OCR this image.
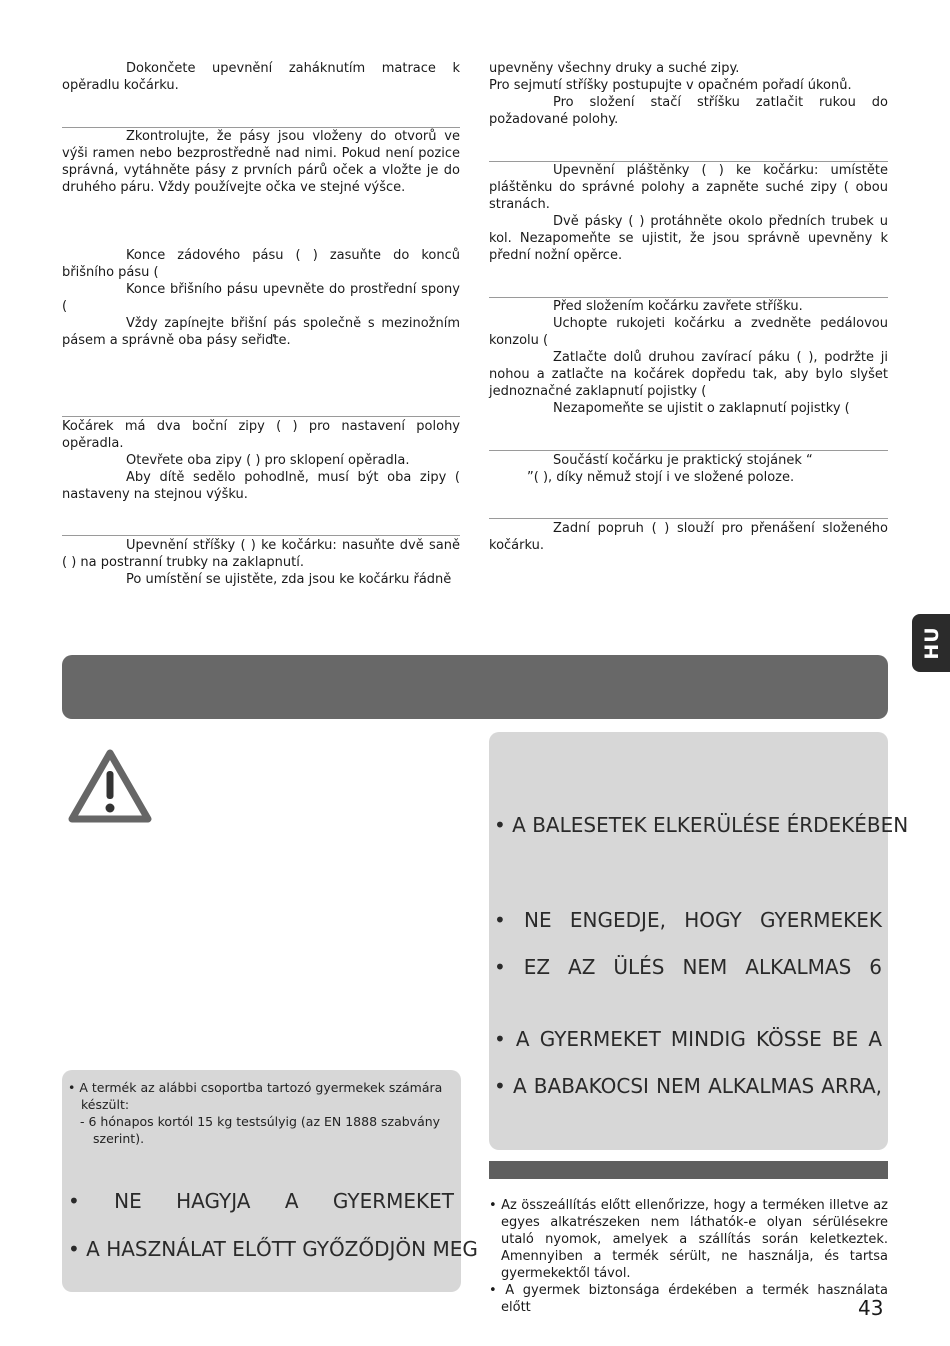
Dokončete upevnění zaháknutím matrace k opěradlu kočárku.

Zkontrolujte, že pásy jsou vloženy do otvorů ve výši ramen nebo bezprostředně nad nimi. Pokud není pozice správná, vytáhněte pásy z prvních párů oček a vložte je do druhého páru. Vždy používejte očka ve stejné výšce.

Konce zádového pásu ( ) zasuňte do konců břišního pásu (

Konce břišního pásu upevněte do prostřední spony (

Vždy zapínejte břišní pás společně s mezinožním pásem a správně oba pásy seřiďte.

Kočárek má dva boční zipy ( ) pro nastavení polohy opěradla.

Otevřete oba zipy ( ) pro sklopení opěradla.

Aby dítě sedělo pohodlně, musí být oba zipy ( nastaveny na stejnou výšku.

Upevnění stříšky ( ) ke kočárku: nasuňte dvě saně ( ) na postranní trubky na zaklapnutí.

Po umístění se ujistěte, zda jsou ke kočárku řádně

upevněny všechny druky a suché zipy.

Pro sejmutí stříšky postupujte v opačném pořadí úkonů.

Pro složení stačí stříšku zatlačit rukou do požadované polohy.

Upevnění pláštěnky ( ) ke kočárku: umístěte pláštěnku do správné polohy a zapněte suché zipy ( obou stranách.

Dvě pásky ( ) protáhněte okolo předních trubek u kol. Nezapomeňte se ujistit, že jsou správně upevněny k přední nožní opěrce.

Před složením kočárku zavřete stříšku.

Uchopte rukojeti kočárku a zvedněte pedálovou konzolu (

Zatlačte dolů druhou zavírací páku ( ), podržte ji nohou a zatlačte na kočárek dopředu tak, aby bylo slyšet jednoznačné zaklapnutí pojistky (

Nezapomeňte se ujistit o zaklapnutí pojistky (

Součástí kočárku je praktický stojánek “

”( ), díky němuž stojí i ve složené poloze.

Zadní popruh ( ) slouží pro přenášení složeného kočárku.

HU
• A BALESETEK ELKERÜLÉSE ÉRDEKÉBEN
• NE ENGEDJE, HOGY GYERMEKEK
• EZ AZ ÜLÉS NEM ALKALMAS 6
• A GYERMEKET MINDIG KÖSSE BE A
• A BABAKOCSI NEM ALKALMAS ARRA,
• A termék az alábbi csoportba tartozó gyermekek számára készült:
- 6 hónapos kortól 15 kg testsúlyig (az EN 1888 szabvány szerint).
• NE HAGYJA A GYERMEKET
• A HASZNÁLAT ELŐTT GYŐZŐDJÖN MEG
• Az összeállítás előtt ellenőrizze, hogy a terméken illetve az egyes alkatrészeken nem láthatók-e olyan sérülésekre utaló nyomok, amelyek a szállítás során keletkeztek. Amennyiben a termék sérült, ne használja, és tartsa gyermekektől távol.
• A gyermek biztonsága érdekében a termék használata előtt	43
